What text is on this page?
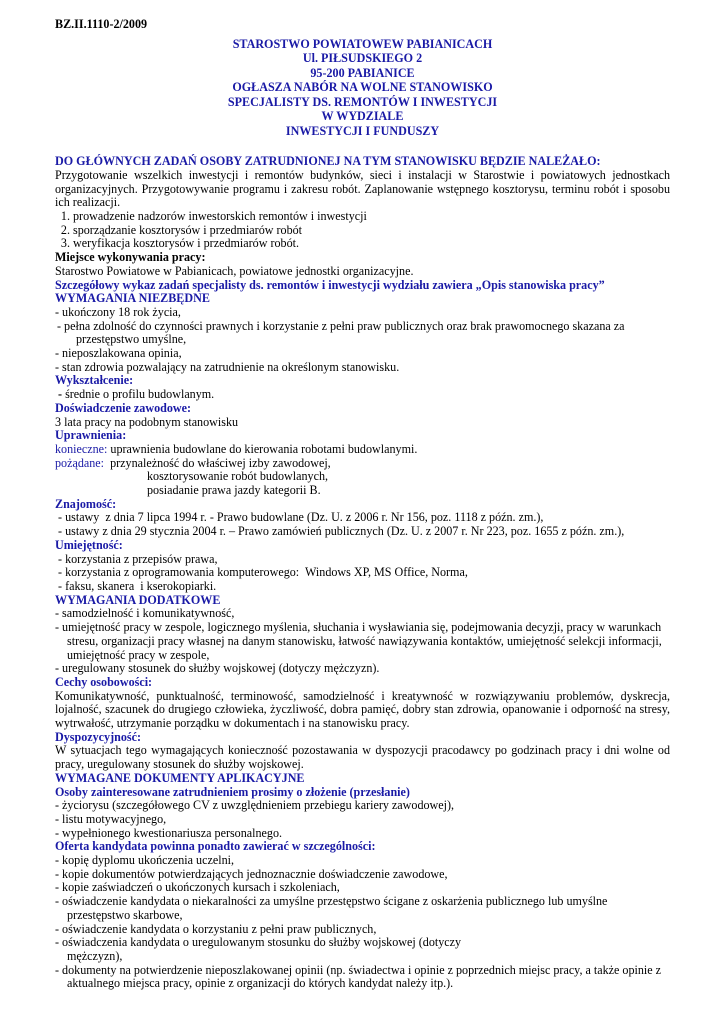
BZ.II.1110-2/2009
STAROSTWO POWIATOWEW PABIANICACH
Ul. PIŁSUDSKIEGO 2
95-200 PABIANICE
OGŁASZA NABÓR NA WOLNE STANOWISKO
SPECJALISTY DS. REMONTÓW I INWESTYCJI
W WYDZIALE
INWESTYCJI I FUNDUSZY
DO GŁÓWNYCH ZADAŃ OSOBY ZATRUDNIONEJ NA TYM STANOWISKU BĘDZIE NALEŻAŁO:
Przygotowanie wszelkich inwestycji i remontów budynków, sieci i instalacji w Starostwie i powiatowych jednostkach organizacyjnych. Przygotowywanie programu i zakresu robót. Zaplanowanie wstępnego kosztorysu, terminu robót i sposobu ich realizacji.
1. prowadzenie nadzorów inwestorskich remontów i inwestycji
2. sporządzanie kosztorysów i przedmiarów robót
3. weryfikacja kosztorysów i przedmiarów robót.
Miejsce wykonywania pracy:
Starostwo Powiatowe w Pabianicach, powiatowe jednostki organizacyjne.
Szczegółowy wykaz zadań specjalisty ds. remontów i inwestycji wydziału zawiera „Opis stanowiska pracy”
WYMAGANIA NIEZBĘDNE
- ukończony 18 rok życia,
- pełna zdolność do czynności prawnych i korzystanie z pełni praw publicznych oraz brak prawomocnego skazana za przestępstwo umyślne,
- nieposzlakowana opinia,
- stan zdrowia pozwalający na zatrudnienie na określonym stanowisku.
Wykształcenie:
- średnie o profilu budowlanym.
Doświadczenie zawodowe:
3 lata pracy na podobnym stanowisku
Uprawnienia:
konieczne: uprawnienia budowlane do kierowania robotami budowlanymi.
pożądane: przynależność do właściwej izby zawodowej,
kosztorysowanie robót budowlanych,
posiadanie prawa jazdy kategorii B.
Znajomość:
- ustawy  z dnia 7 lipca 1994 r. - Prawo budowlane (Dz. U. z 2006 r. Nr 156, poz. 1118 z późn. zm.),
- ustawy z dnia 29 stycznia 2004 r. – Prawo zamówień publicznych (Dz. U. z 2007 r. Nr 223, poz. 1655 z późn. zm.),
Umiejętność:
- korzystania z przepisów prawa,
- korzystania z oprogramowania komputerowego:  Windows XP, MS Office, Norma,
- faksu, skanera  i kserokopiarki.
WYMAGANIA DODATKOWE
- samodzielność i komunikatywność,
- umiejętność pracy w zespole, logicznego myślenia, słuchania i wysławiania się, podejmowania decyzji, pracy w warunkach stresu, organizacji pracy własnej na danym stanowisku, łatwość nawiązywania kontaktów, umiejętność selekcji informacji, umiejętność pracy w zespole,
- uregulowany stosunek do służby wojskowej (dotyczy mężczyzn).
Cechy osobowości:
Komunikatywność, punktualność, terminowość, samodzielność i kreatywność w rozwiązywaniu problemów, dyskrecja, lojalność, szacunek do drugiego człowieka, życzliwość, dobra pamięć, dobry stan zdrowia, opanowanie i odporność na stresy, wytrwałość, utrzymanie porządku w dokumentach i na stanowisku pracy.
Dyspozycyjność:
W sytuacjach tego wymagających konieczność pozostawania w dyspozycji pracodawcy po godzinach pracy i dni wolne od pracy, uregulowany stosunek do służby wojskowej.
WYMAGANE DOKUMENTY APLIKACYJNE
Osoby zainteresowane zatrudnieniem prosimy o złożenie (przesłanie)
- życiorysu (szczegółowego CV z uwzględnieniem przebiegu kariery zawodowej),
- listu motywacyjnego,
- wypełnionego kwestionariusza personalnego.
Oferta kandydata powinna ponadto zawierać w szczególności:
- kopię dyplomu ukończenia uczelni,
- kopie dokumentów potwierdzających jednoznacznie doświadczenie zawodowe,
- kopie zaświadczeń o ukończonych kursach i szkoleniach,
- oświadczenie kandydata o niekaralności za umyślne przestępstwo ścigane z oskarżenia publicznego lub umyślne przestępstwo skarbowe,
- oświadczenie kandydata o korzystaniu z pełni praw publicznych,
- oświadczenia kandydata o uregulowanym stosunku do służby wojskowej (dotyczy mężczyzn),
- dokumenty na potwierdzenie nieposzlakowanej opinii (np. świadectwa i opinie z poprzednich miejsc pracy, a także opinie z aktualnego miejsca pracy, opinie z organizacji do których kandydat należy itp.).
